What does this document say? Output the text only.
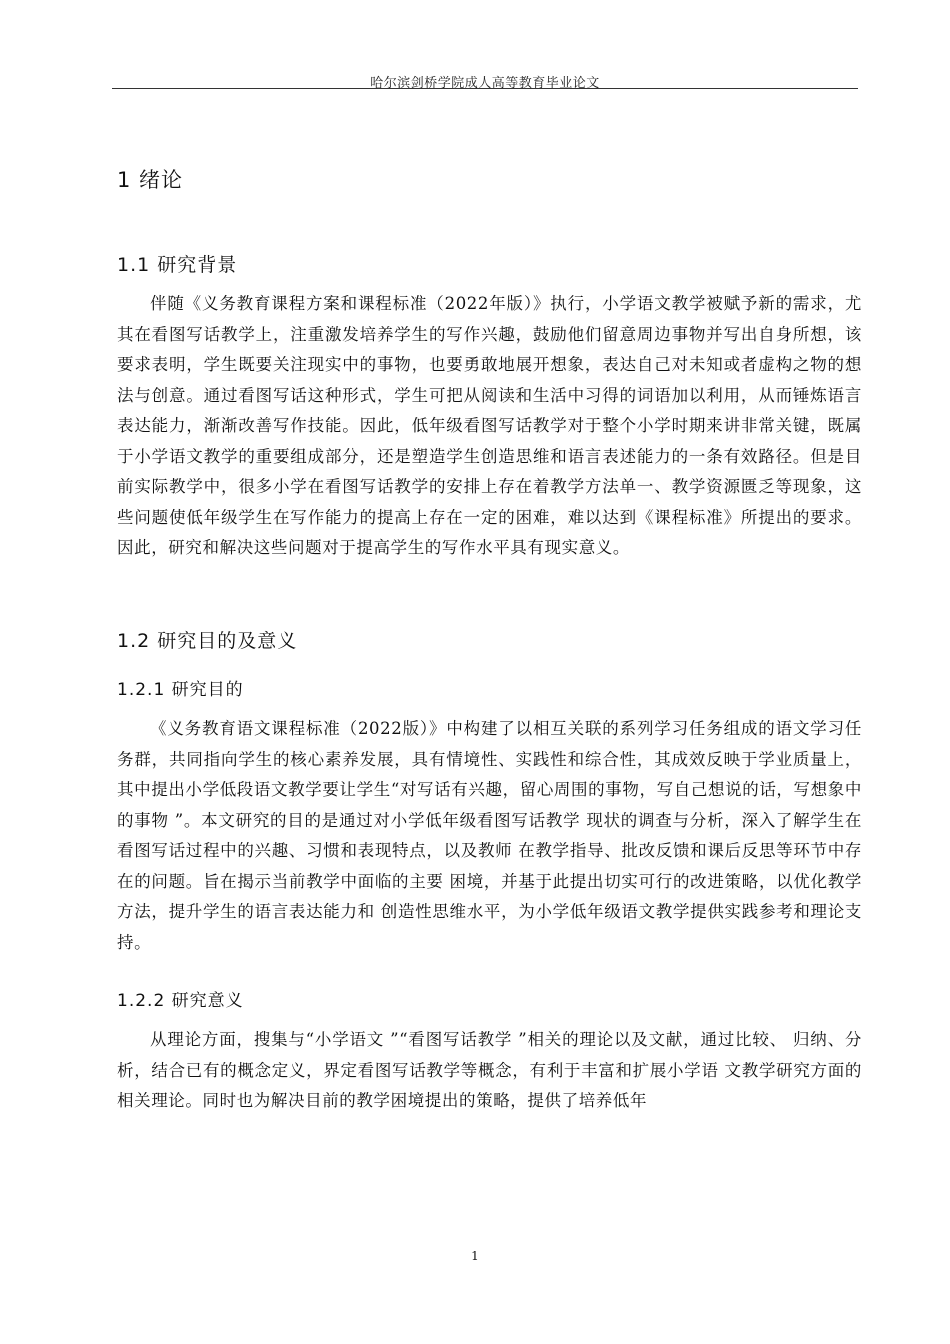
哈尔滨剑桥学院成人高等教育毕业论文
1 绪论
1.1 研究背景

伴随《义务教育课程方案和课程标准（2022年版）》执行，小学语文教学被赋予新的需求，尤其在看图写话教学上，注重激发培养学生的写作兴趣，鼓励他们留意周边事物并写出自身所想，该要求表明，学生既要关注现实中的事物，也要勇敢地展开想象，表达自己对未知或者虚构之物的想法与创意。通过看图写话这种形式，学生可把从阅读和生活中习得的词语加以利用，从而锤炼语言表达能力，渐渐改善写作技能。因此，低年级看图写话教学对于整个小学时期来讲非常关键，既属于小学语文教学的重要组成部分，还是塑造学生创造思维和语言表述能力的一条有效路径。但是目前实际教学中，很多小学在看图写话教学的安排上存在着教学方法单一、教学资源匮乏等现象，这些问题使低年级学生在写作能力的提高上存在一定的困难，难以达到《课程标准》所提出的要求。因此，研究和解决这些问题对于提高学生的写作水平具有现实意义。

1.2 研究目的及意义
1.2.1 研究目的

《义务教育语文课程标准（2022版）》中构建了以相互关联的系列学习任务组成的语文学习任务群，共同指向学生的核心素养发展，具有情境性、实践性和综合性，其成效反映于学业质量上，其中提出小学低段语文教学要让学生“对写话有兴趣，留心周围的事物，写自己想说的话，写想象中的事物 ”。本文研究的目的是通过对小学低年级看图写话教学 现状的调查与分析，深入了解学生在看图写话过程中的兴趣、习惯和表现特点，以及教师 在教学指导、批改反馈和课后反思等环节中存在的问题。旨在揭示当前教学中面临的主要 困境，并基于此提出切实可行的改进策略，以优化教学方法，提升学生的语言表达能力和 创造性思维水平，为小学低年级语文教学提供实践参考和理论支持。

1.2.2 研究意义

从理论方面，搜集与“小学语文 ”“看图写话教学 ”相关的理论以及文献，通过比较、 归纳、分析，结合已有的概念定义，界定看图写话教学等概念，有利于丰富和扩展小学语 文教学研究方面的相关理论。同时也为解决目前的教学困境提出的策略，提供了培养低年

1
